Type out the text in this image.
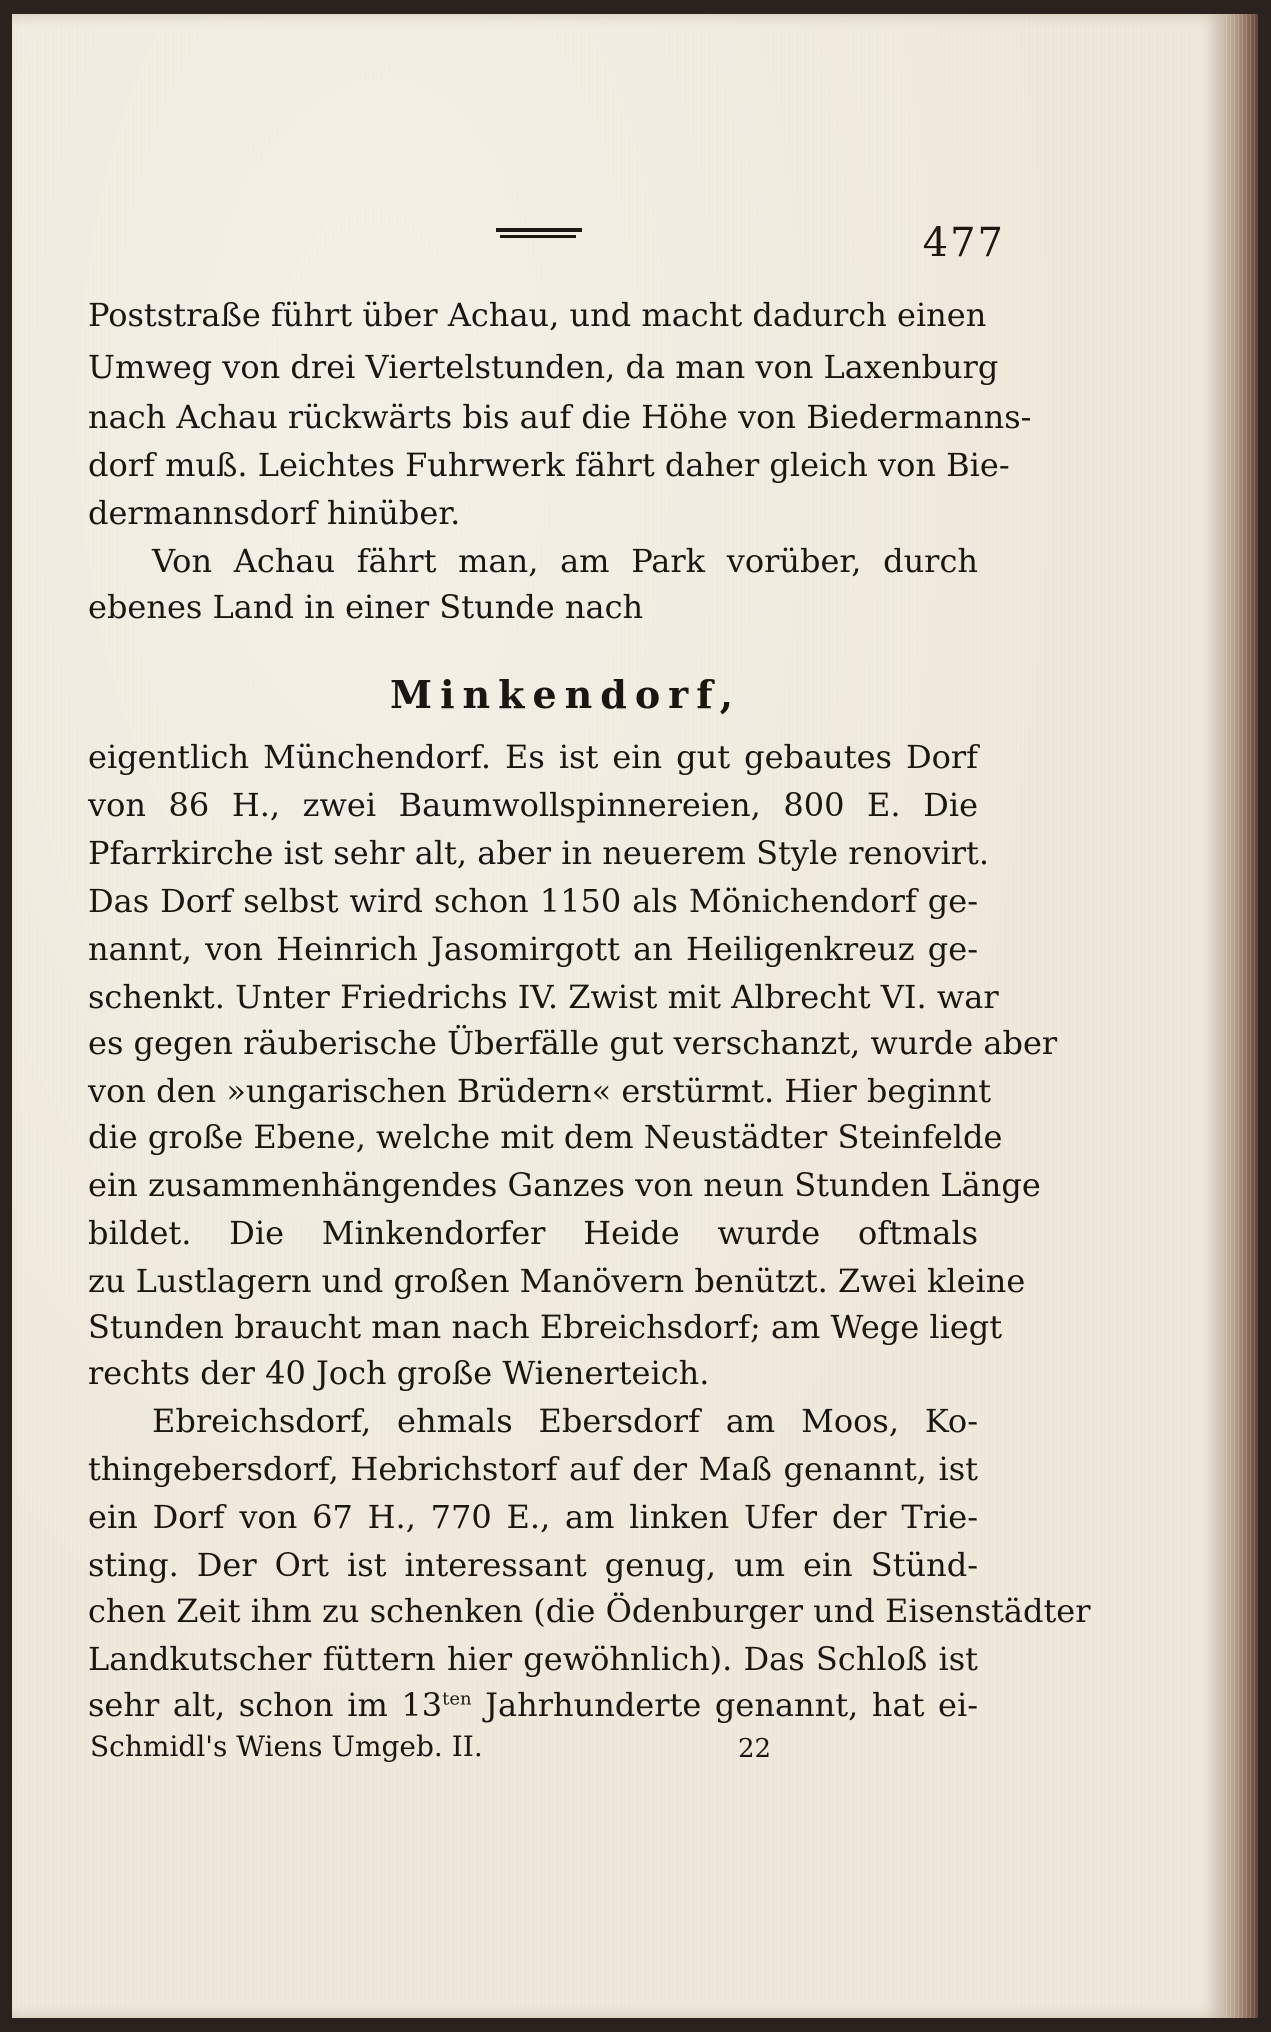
477
Poststraße führt über Achau, und macht dadurch einen
Umweg von drei Viertelstunden, da man von Laxenburg
nach Achau rückwärts bis auf die Höhe von Biedermanns-
dorf muß. Leichtes Fuhrwerk fährt daher gleich von Bie-
dermannsdorf hinüber.
Von Achau fährt man, am Park vorüber, durch
ebenes Land in einer Stunde nach
Minkendorf,
eigentlich Münchendorf. Es ist ein gut gebautes Dorf
von 86 H., zwei Baumwollspinnereien, 800 E. Die
Pfarrkirche ist sehr alt, aber in neuerem Style renovirt.
Das Dorf selbst wird schon 1150 als Mönichendorf ge-
nannt, von Heinrich Jasomirgott an Heiligenkreuz ge-
schenkt. Unter Friedrichs IV. Zwist mit Albrecht VI. war
es gegen räuberische Überfälle gut verschanzt, wurde aber
von den »ungarischen Brüdern« erstürmt. Hier beginnt
die große Ebene, welche mit dem Neustädter Steinfelde
ein zusammenhängendes Ganzes von neun Stunden Länge
bildet. Die Minkendorfer Heide wurde oftmals
zu Lustlagern und großen Manövern benützt. Zwei kleine
Stunden braucht man nach Ebreichsdorf; am Wege liegt
rechts der 40 Joch große Wienerteich.
Ebreichsdorf, ehmals Ebersdorf am Moos, Ko-
thingebersdorf, Hebrichstorf auf der Maß genannt, ist
ein Dorf von 67 H., 770 E., am linken Ufer der Trie-
sting. Der Ort ist interessant genug, um ein Stünd-
chen Zeit ihm zu schenken (die Ödenburger und Eisenstädter
Landkutscher füttern hier gewöhnlich). Das Schloß ist
sehr alt, schon im $13^{ten}$ Jahrhunderte genannt, hat ei-
Schmidl's Wiens Umgeb. II.	22
